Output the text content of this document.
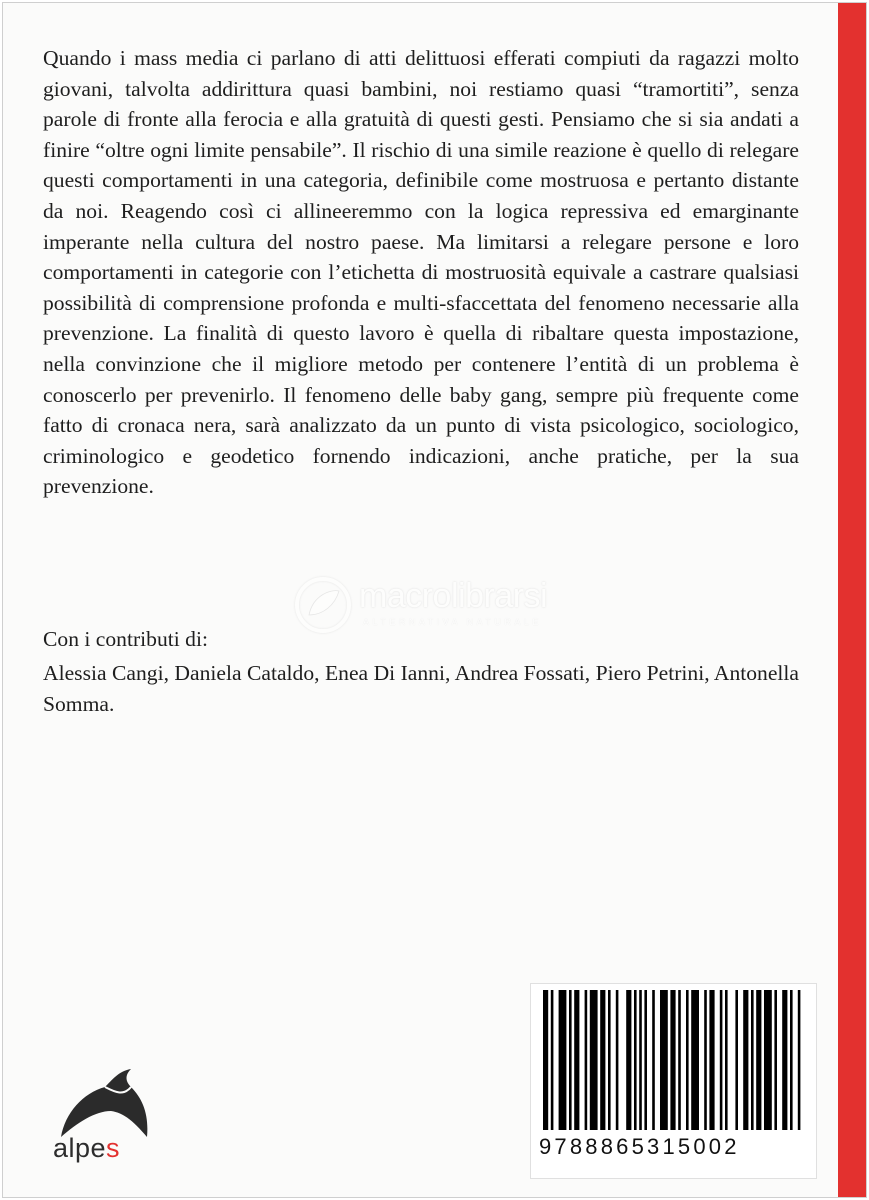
Quando i mass media ci parlano di atti delittuosi efferati compiuti da ragazzi molto giovani, talvolta addirittura quasi bambini, noi restiamo quasi “tramortiti”, senza parole di fronte alla ferocia e alla gratuità di questi gesti. Pensiamo che si sia andati a finire “oltre ogni limite pensabile”. Il rischio di una simile reazione è quello di relegare questi comportamenti in una categoria, definibile come mostruosa e pertanto distante da noi. Reagendo così ci allineeremmo con la logica repressiva ed emarginante imperante nella cultura del nostro paese. Ma limitarsi a relegare persone e loro comportamenti in categorie con l’etichetta di mostruosità equivale a castrare qualsiasi possibilità di comprensione profonda e multi-sfaccettata del fenomeno necessarie alla prevenzione. La finalità di questo lavoro è quella di ribaltare questa impostazione, nella convinzione che il migliore metodo per contenere l’entità di un problema è conoscerlo per prevenirlo. Il fenomeno delle baby gang, sempre più frequente come fatto di cronaca nera, sarà analizzato da un punto di vista psicologico, sociologico, criminologico e geodetico fornendo indicazioni, anche pratiche, per la sua prevenzione.

macrolibrarsi
ALTERNATIVA NATURALE

Con i contributi di:

Alessia Cangi, Daniela Cataldo, Enea Di Ianni, Andrea Fossati, Piero Petrini, Antonella Somma.

alpes	9788865315002
